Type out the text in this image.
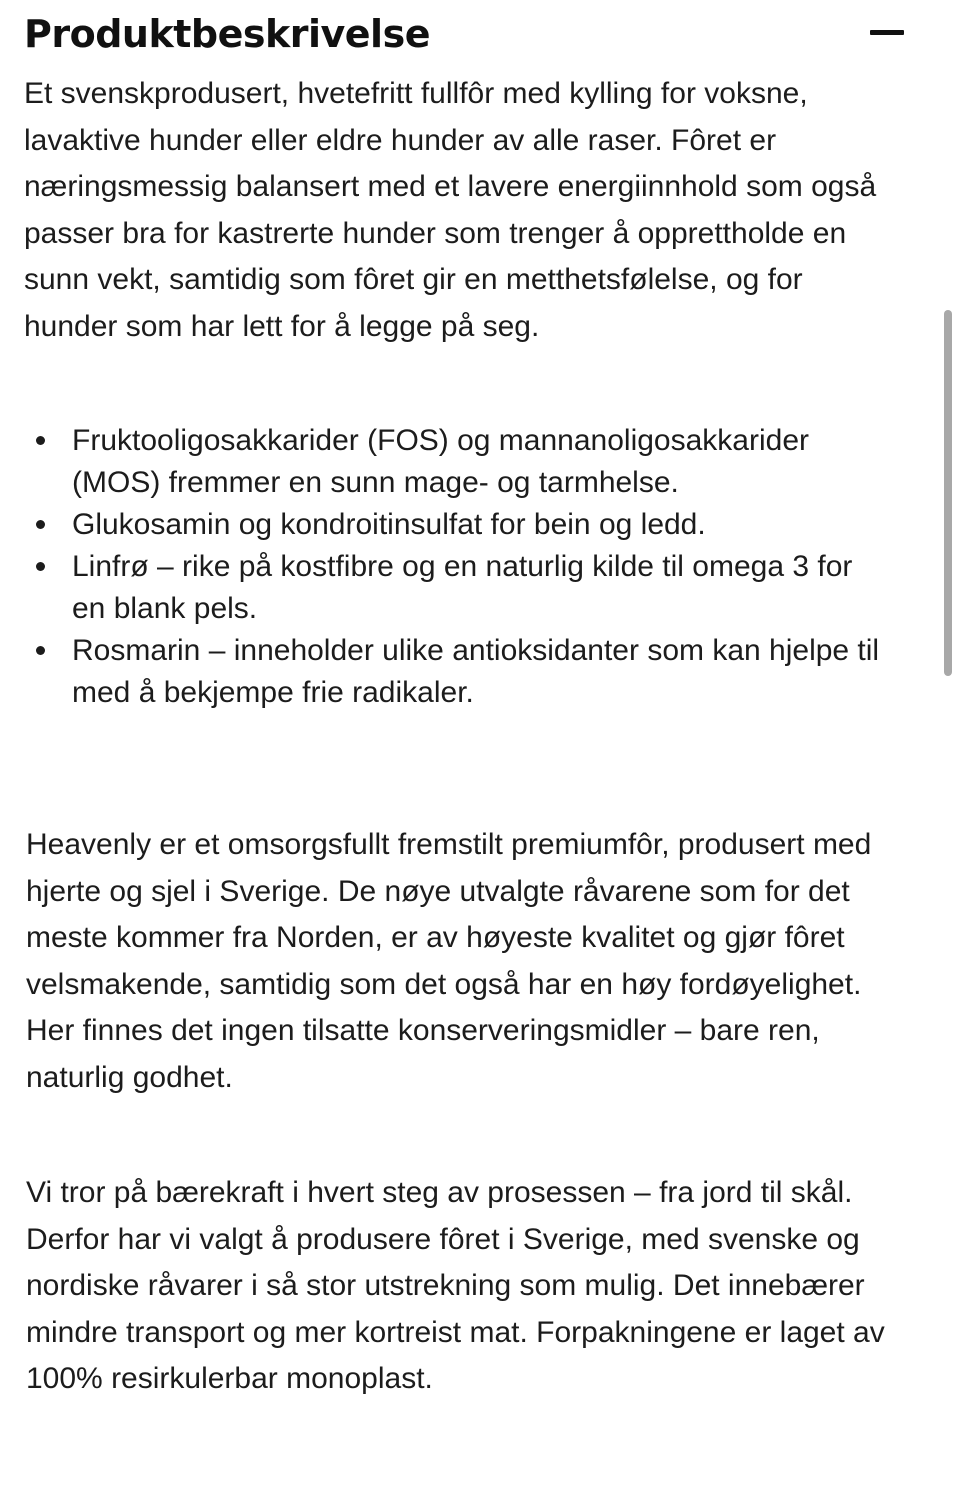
Produktbeskrivelse

Et svenskprodusert, hvetefritt fullfôr med kylling for voksne, lavaktive hunder eller eldre hunder av alle raser. Fôret er næringsmessig balansert med et lavere energiinnhold som også passer bra for kastrerte hunder som trenger å opprettholde en sunn vekt, samtidig som fôret gir en metthetsfølelse, og for hunder som har lett for å legge på seg.

Fruktooligosakkarider (FOS) og mannanoligosakkarider (MOS) fremmer en sunn mage- og tarmhelse.
Glukosamin og kondroitinsulfat for bein og ledd.
Linfrø – rike på kostfibre og en naturlig kilde til omega 3 for en blank pels.
Rosmarin – inneholder ulike antioksidanter som kan hjelpe til med å bekjempe frie radikaler.

Heavenly er et omsorgsfullt fremstilt premiumfôr, produsert med hjerte og sjel i Sverige. De nøye utvalgte råvarene som for det meste kommer fra Norden, er av høyeste kvalitet og gjør fôret velsmakende, samtidig som det også har en høy fordøyelighet. Her finnes det ingen tilsatte konserveringsmidler – bare ren, naturlig godhet.

Vi tror på bærekraft i hvert steg av prosessen – fra jord til skål. Derfor har vi valgt å produsere fôret i Sverige, med svenske og nordiske råvarer i så stor utstrekning som mulig. Det innebærer mindre transport og mer kortreist mat. Forpakningene er laget av 100% resirkulerbar monoplast.
